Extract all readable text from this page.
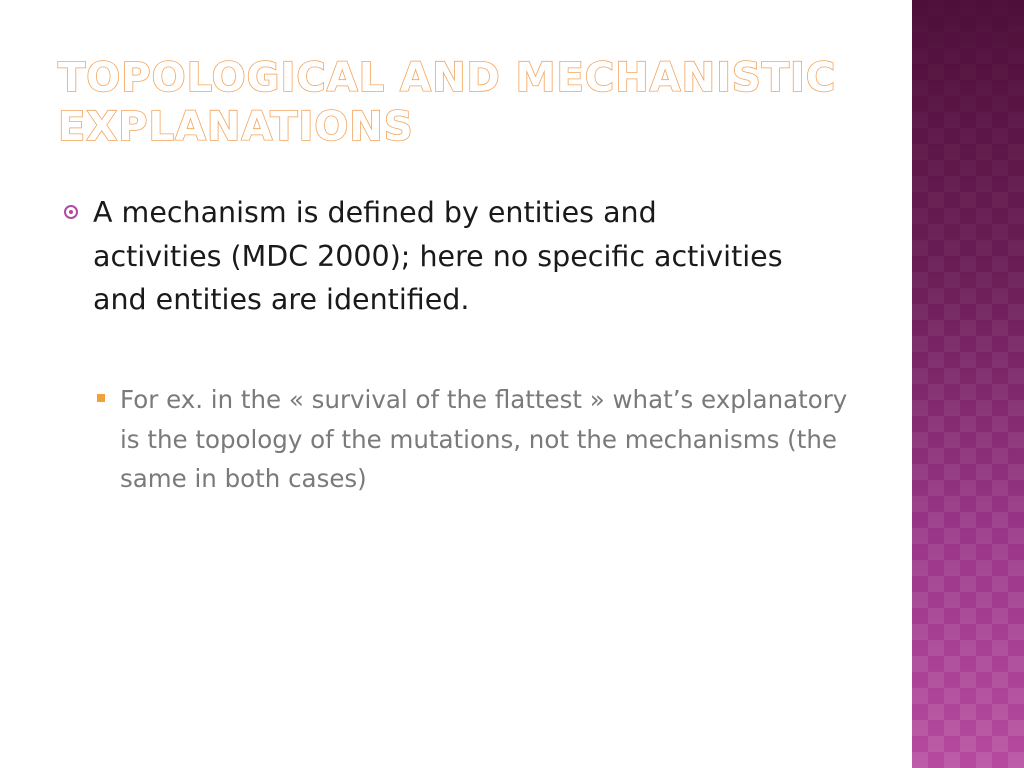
TOPOLOGICAL AND MECHANISTIC
EXPLANATIONS
A mechanism is defined by entities and activities (MDC 2000); here no specific activities and entities are identified.
For ex. in the « survival of the flattest » what’s explanatory is the topology of the mutations, not the mechanisms (the same in both cases)
